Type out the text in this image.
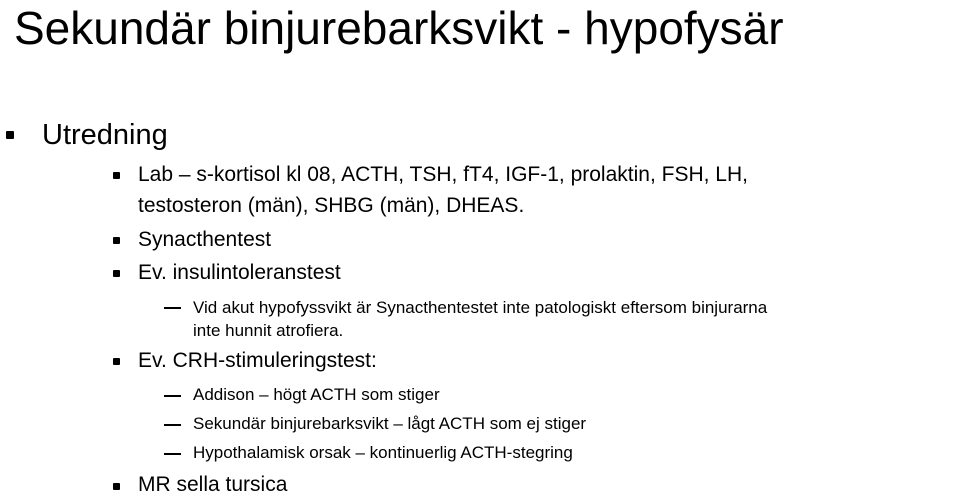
Sekundär binjurebarksvikt - hypofysär
Utredning
Lab – s-kortisol kl 08, ACTH, TSH, fT4, IGF-1, prolaktin, FSH, LH,
testosteron (män), SHBG (män), DHEAS.
Synacthentest
Ev. insulintoleranstest
Vid akut hypofyssvikt är Synacthentestet inte patologiskt eftersom binjurarna
inte hunnit atrofiera.
Ev. CRH-stimuleringstest:
Addison – högt ACTH som stiger
Sekundär binjurebarksvikt – lågt ACTH som ej stiger
Hypothalamisk orsak – kontinuerlig ACTH-stegring
MR sella tursica
